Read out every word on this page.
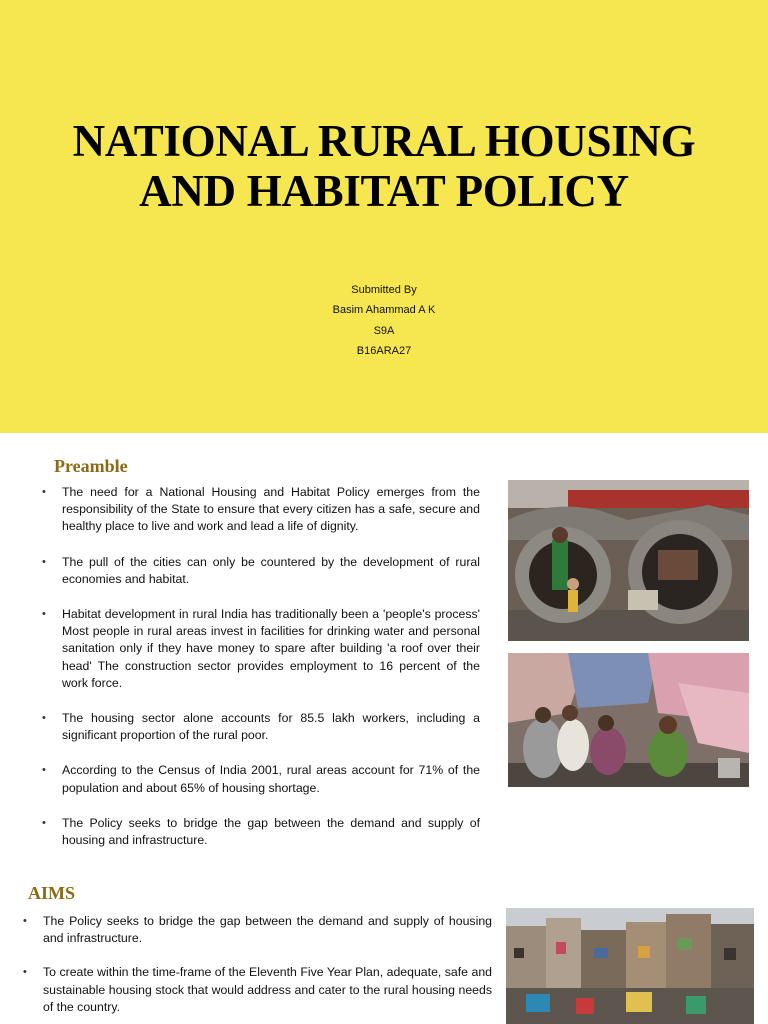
NATIONAL RURAL HOUSING
AND HABITAT POLICY
Submitted By
Basim Ahammad A K
S9A
B16ARA27
Preamble
• The need for a National Housing and Habitat Policy emerges from the responsibility of the State to ensure that every citizen has a safe, secure and healthy place to live and work and lead a life of dignity.
• The pull of the cities can only be countered by the development of rural economies and habitat.
• Habitat development in rural India has traditionally been a 'people's process' Most people in rural areas invest in facilities for drinking water and personal sanitation only if they have money to spare after building 'a roof over their head' The construction sector provides employment to 16 percent of the work force.
• The housing sector alone accounts for 85.5 lakh workers, including a significant proportion of the rural poor.
• According to the Census of India 2001, rural areas account for 71% of the population and about 65% of housing shortage.
• The Policy seeks to bridge the gap between the demand and supply of housing and infrastructure.
AIMS
• The Policy seeks to bridge the gap between the demand and supply of housing and infrastructure.
• To create within the time-frame of the Eleventh Five Year Plan, adequate, safe and sustainable housing stock that would address and cater to the rural housing needs of the country.
